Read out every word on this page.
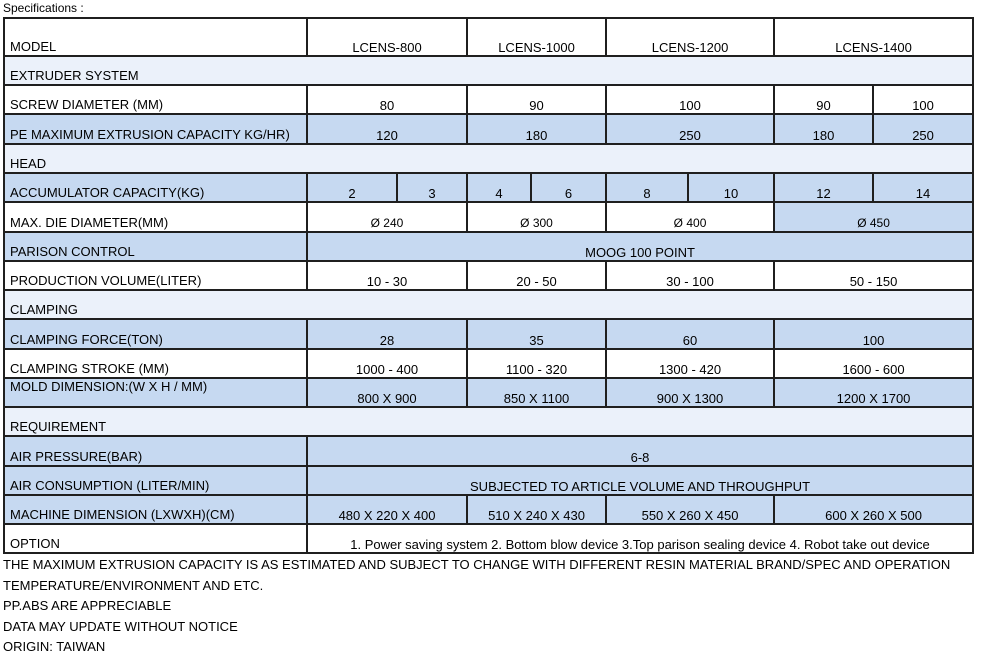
Specifications :
MODEL	LCENS-800		LCENS-1000		LCENS-1200		LCENS-1400	
EXTRUDER SYSTEM								
SCREW DIAMETER (MM)	80		90		100		90	100
PE MAXIMUM EXTRUSION CAPACITY KG/HR)	120		180		250		180	250
HEAD								
ACCUMULATOR CAPACITY(KG)	2	3	4	6	8	10	12	14
MAX. DIE DIAMETER(MM)	Ø 240		Ø 300		Ø 400		Ø 450	
PARISON CONTROL	MOOG 100 POINT							
PRODUCTION VOLUME(LITER)	10 - 30		20 - 50		30 - 100		50 - 150	
CLAMPING								
CLAMPING FORCE(TON)	28		35		60		100	
CLAMPING STROKE (MM)	1000 - 400		1100 - 320		1300 - 420		1600 - 600	
MOLD DIMENSION:(W X H / MM)	800 X 900		850 X 1100		900 X 1300		1200 X 1700	
REQUIREMENT								
AIR PRESSURE(BAR)	6-8							
AIR CONSUMPTION (LITER/MIN)	SUBJECTED TO ARTICLE VOLUME AND THROUGHPUT							
MACHINE DIMENSION (LXWXH)(CM)	480 X 220 X 400		510 X 240 X 430		550 X 260 X 450		600 X 260 X 500	
OPTION	1. Power saving system 2. Bottom blow device 3.Top parison sealing device 4. Robot take out device							
THE MAXIMUM EXTRUSION CAPACITY IS AS ESTIMATED AND SUBJECT TO CHANGE WITH DIFFERENT RESIN MATERIAL BRAND/SPEC AND OPERATION
TEMPERATURE/ENVIRONMENT AND ETC.
PP.ABS ARE APPRECIABLE
DATA MAY UPDATE WITHOUT NOTICE
ORIGIN: TAIWAN
